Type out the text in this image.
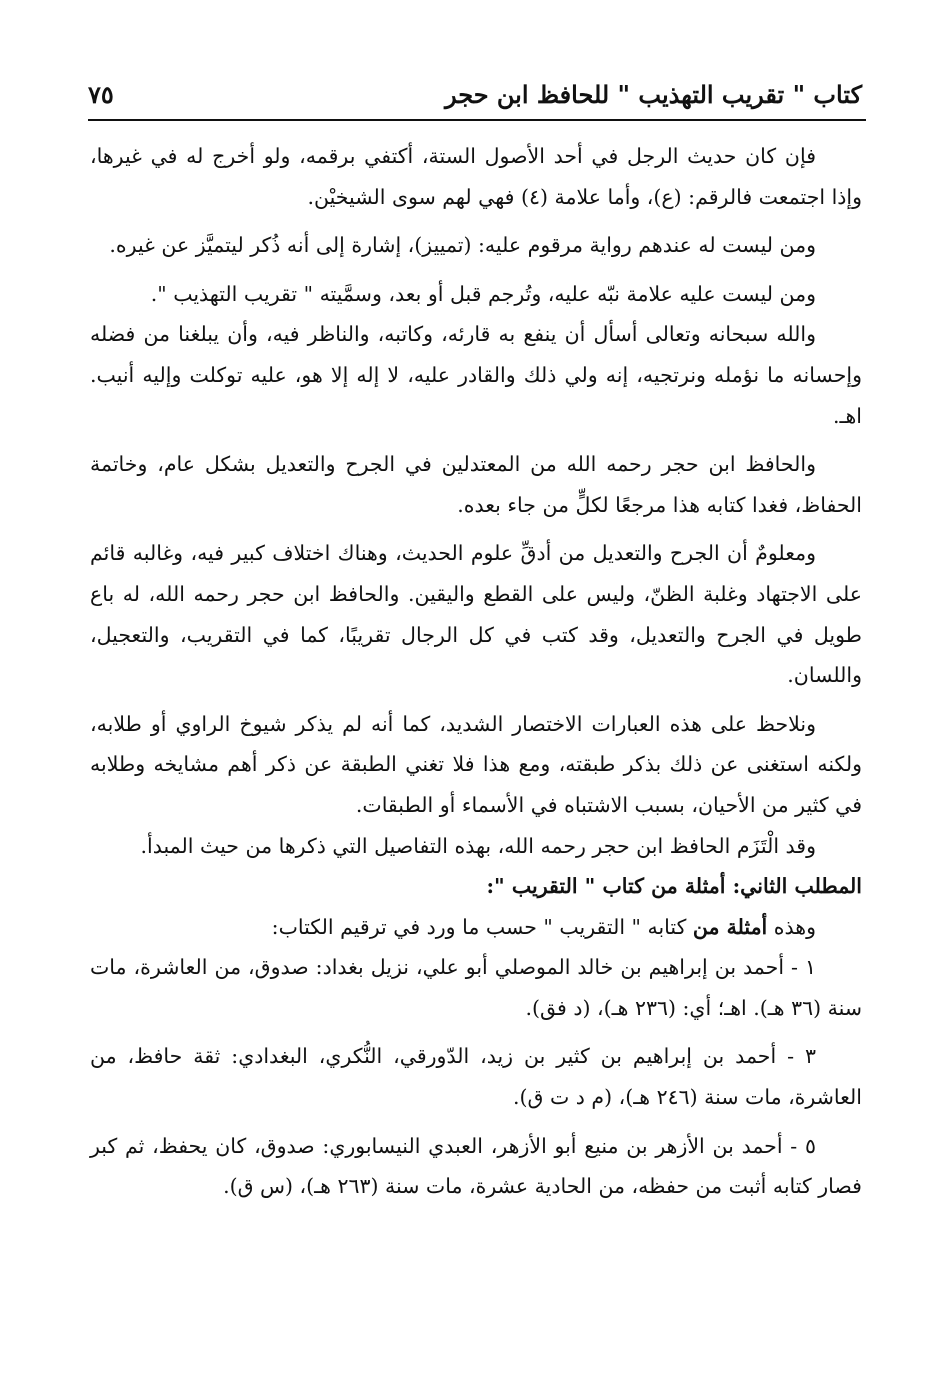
كتاب " تقريب التهذيب " للحافظ ابن حجر
٧٥

فإن كان حديث الرجل في أحد الأصول الستة، أكتفي برقمه، ولو أخرج له في غيرها، وإذا اجتمعت فالرقم: (ع)، وأما علامة (٤) فهي لهم سوى الشيخيْن.

ومن ليست له عندهم رواية مرقوم عليه: (تمييز)، إشارة إلى أنه ذُكر ليتميَّز عن غيره.

ومن ليست عليه علامة نبّه عليه، وتُرجم قبل أو بعد، وسمَّيته " تقريب التهذيب ".

والله سبحانه وتعالى أسأل أن ينفع به قارئه، وكاتبه، والناظر فيه، وأن يبلغنا من فضله وإحسانه ما نؤمله ونرتجيه، إنه ولي ذلك والقادر عليه، لا إله إلا هو، عليه توكلت وإليه أنيب. اهـ.

والحافظ ابن حجر رحمه الله من المعتدلين في الجرح والتعديل بشكل عام، وخاتمة الحفاظ، فغدا كتابه هذا مرجعًا لكلٍّ من جاء بعده.

ومعلومٌ أن الجرح والتعديل من أدقِّ علوم الحديث، وهناك اختلاف كبير فيه، وغالبه قائم على الاجتهاد وغلبة الظنّ، وليس على القطع واليقين. والحافظ ابن حجر رحمه الله، له باع طويل في الجرح والتعديل، وقد كتب في كل الرجال تقريبًا، كما في التقريب، والتعجيل، واللسان.

ونلاحظ على هذه العبارات الاختصار الشديد، كما أنه لم يذكر شيوخ الراوي أو طلابه، ولكنه استغنى عن ذلك بذكر طبقته، ومع هذا فلا تغني الطبقة عن ذكر أهم مشايخه وطلابه في كثير من الأحيان، بسبب الاشتباه في الأسماء أو الطبقات.

وقد الْتَزَم الحافظ ابن حجر رحمه الله، بهذه التفاصيل التي ذكرها من حيث المبدأ.

المطلب الثاني: أمثلة من كتاب " التقريب ":

وهذه أمثلة من كتابه " التقريب " حسب ما ورد في ترقيم الكتاب:

١ - أحمد بن إبراهيم بن خالد الموصلي أبو علي، نزيل بغداد: صدوق، من العاشرة، مات سنة (٣٦ هـ). اهـ؛ أي: (٢٣٦ هـ)، (د فق).

٣ - أحمد بن إبراهيم بن كثير بن زيد، الدّورقي، النُّكري، البغدادي: ثقة حافظ، من العاشرة، مات سنة (٢٤٦ هـ)، (م د ت ق).

٥ - أحمد بن الأزهر بن منيع أبو الأزهر، العبدي النيسابوري: صدوق، كان يحفظ، ثم كبر فصار كتابه أثبت من حفظه، من الحادية عشرة، مات سنة (٢٦٣ هـ)، (س ق).
